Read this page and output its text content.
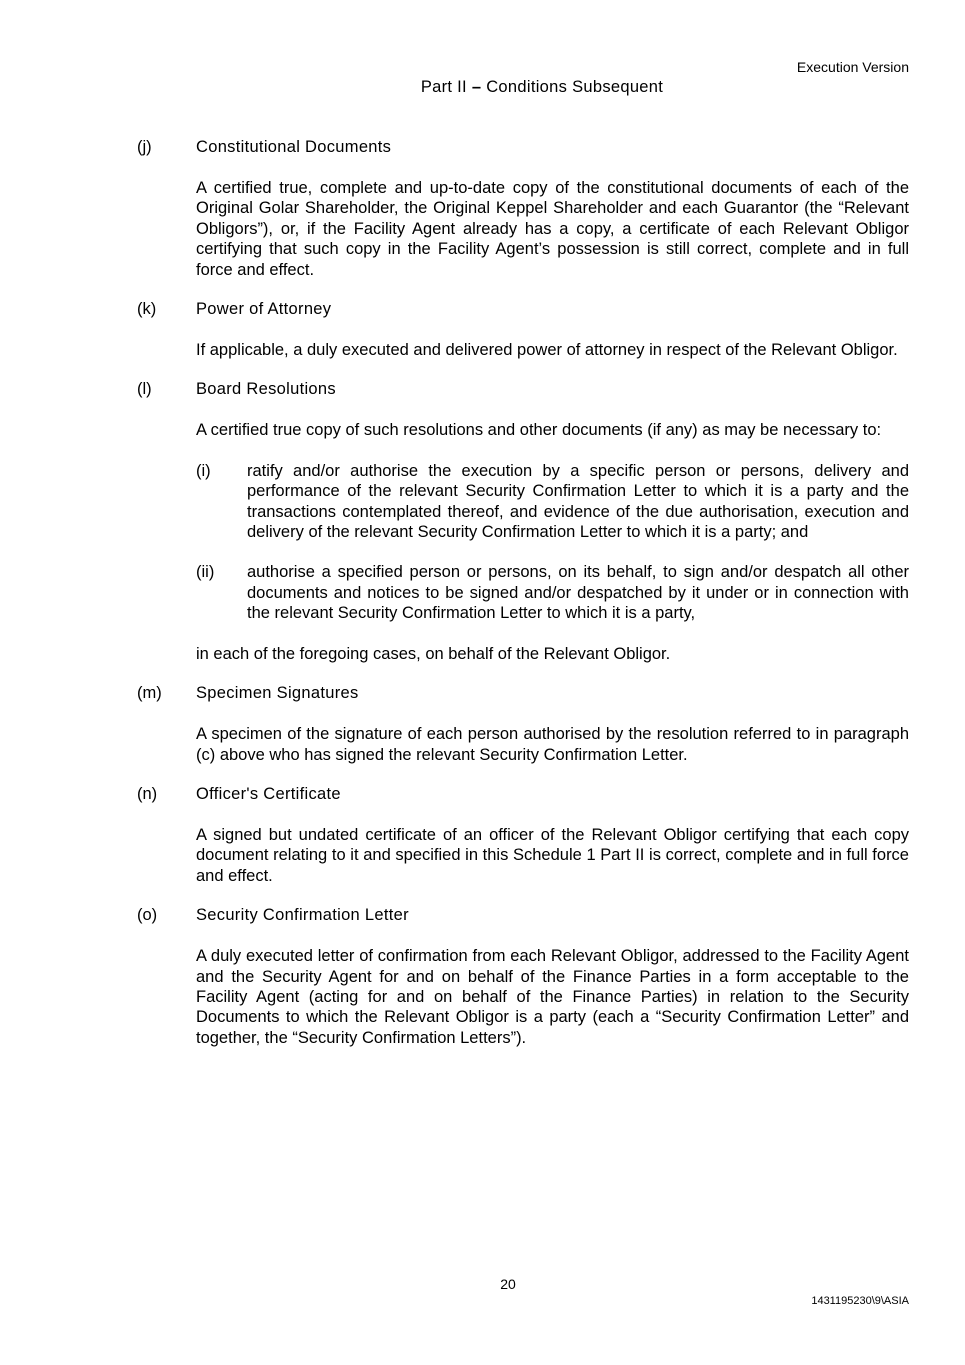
Execution Version
Part II – Conditions Subsequent
(j)	Constitutional Documents
A certified true, complete and up-to-date copy of the constitutional documents of each of the Original Golar Shareholder, the Original Keppel Shareholder and each Guarantor (the “Relevant Obligors”), or, if the Facility Agent already has a copy, a certificate of each Relevant Obligor certifying that such copy in the Facility Agent’s possession is still correct, complete and in full force and effect.
(k) Power of Attorney
If applicable, a duly executed and delivered power of attorney in respect of the Relevant Obligor.
(l)	Board Resolutions
A certified true copy of such resolutions and other documents (if any) as may be necessary to:
(i) ratify and/or authorise the execution by a specific person or persons, delivery and performance of the relevant Security Confirmation Letter to which it is a party and the transactions contemplated thereof, and evidence of the due authorisation, execution and delivery of the relevant Security Confirmation Letter to which it is a party; and
(ii) authorise a specified person or persons, on its behalf, to sign and/or despatch all other documents and notices to be signed and/or despatched by it under or in connection with the relevant Security Confirmation Letter to which it is a party,
in each of the foregoing cases, on behalf of the Relevant Obligor.
(m) Specimen Signatures
A specimen of the signature of each person authorised by the resolution referred to in paragraph (c) above who has signed the relevant Security Confirmation Letter.
(n) Officer's Certificate
A signed but undated certificate of an officer of the Relevant Obligor certifying that each copy document relating to it and specified in this Schedule 1 Part II is correct, complete and in full force and effect.
(o) Security Confirmation Letter
A duly executed letter of confirmation from each Relevant Obligor, addressed to the Facility Agent and the Security Agent for and on behalf of the Finance Parties in a form acceptable to the Facility Agent (acting for and on behalf of the Finance Parties) in relation to the Security Documents to which the Relevant Obligor is a party (each a “Security Confirmation Letter” and together, the “Security Confirmation Letters”).
20
1431195230\9\ASIA
